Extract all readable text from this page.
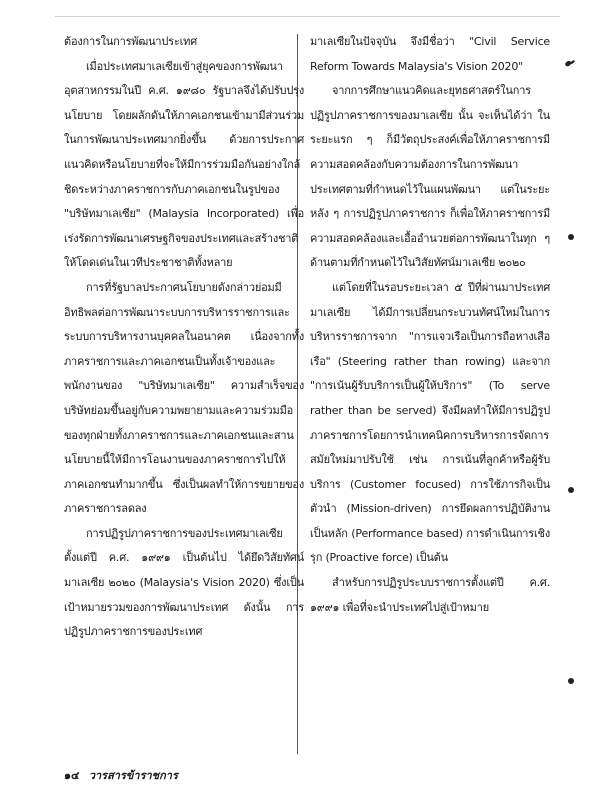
ต้องการในการพัฒนาประเทศ

เมื่อประเทศมาเลเซียเข้าสู่ยุคของการพัฒนาอุตสาหกรรมในปี ค.ศ. ๑๙๘๐ รัฐบาลจึงได้ปรับปรุงนโยบาย โดยผลักดันให้ภาคเอกชนเข้ามามีส่วนร่วมในการพัฒนาประเทศมากยิ่งขึ้น ด้วยการประกาศแนวคิดหรือนโยบายที่จะให้มีการร่วมมือกันอย่างใกล้ชิดระหว่างภาคราชการกับภาคเอกชนในรูปของ "บริษัทมาเลเซีย" (Malaysia Incorporated) เพื่อเร่งรัดการพัฒนาเศรษฐกิจของประเทศและสร้างชาติให้โดดเด่นในเวทีประชาชาติทั้งหลาย

การที่รัฐบาลประกาศนโยบายดังกล่าวย่อมมีอิทธิพลต่อการพัฒนาระบบการบริหารราชการและระบบการบริหารงานบุคคลในอนาคต เนื่องจากทั้งภาคราชการและภาคเอกชนเป็นทั้งเจ้าของและพนักงานของ "บริษัทมาเลเซีย" ความสำเร็จของบริษัทย่อมขึ้นอยู่กับความพยายามและความร่วมมือของทุกฝ่ายทั้งภาคราชการและภาคเอกชนและสานนโยบายนี้ให้มีการโอนงานของภาคราชการไปให้ภาคเอกชนทำมากขึ้น ซึ่งเป็นผลทำให้การขยายของภาคราชการลดลง

การปฏิรูปภาคราชการของประเทศมาเลเซียตั้งแต่ปี ค.ศ. ๑๙๙๑ เป็นต้นไป ได้ยึดวิสัยทัศน์มาเลเซีย ๒๐๒๐ (Malaysia's Vision 2020) ซึ่งเป็นเป้าหมายรวมของการพัฒนาประเทศ ดังนั้น การปฏิรูปภาคราชการของประเทศ

มาเลเซียในปัจจุบัน จึงมีชื่อว่า "Civil Service Reform Towards Malaysia's Vision 2020"

จากการศึกษาแนวคิดและยุทธศาสตร์ในการปฏิรูปภาคราชการของมาเลเซีย นั้น จะเห็นได้ว่า ในระยะแรก ๆ ก็มีวัตถุประสงค์เพื่อให้ภาคราชการมีความสอดคล้องกับความต้องการในการพัฒนาประเทศตามที่กำหนดไว้ในแผนพัฒนา แต่ในระยะหลัง ๆ การปฏิรูปภาคราชการ ก็เพื่อให้ภาคราชการมีความสอดคล้องและเอื้ออำนวยต่อการพัฒนาในทุก ๆ ด้านตามที่กำหนดไว้ในวิสัยทัศน์มาเลเซีย ๒๐๒๐

แต่โดยที่ในรอบระยะเวลา ๕ ปีที่ผ่านมาประเทศมาเลเซีย ได้มีการเปลี่ยนกระบวนทัศน์ใหม่ในการบริหารราชการจาก "การแจวเรือเป็นการถือหางเสือเรือ" (Steering rather than rowing) และจาก "การเน้นผู้รับบริการเป็นผู้ให้บริการ" (To serve rather than be served) จึงมีผลทำให้มีการปฏิรูปภาคราชการโดยการนำเทคนิคการบริหารการจัดการสมัยใหม่มาปรับใช้ เช่น การเน้นที่ลูกค้าหรือผู้รับบริการ (Customer focused) การใช้ภารกิจเป็นตัวนำ (Mission-driven) การยึดผลการปฏิบัติงานเป็นหลัก (Performance based) การดำเนินการเชิงรุก (Proactive force) เป็นต้น

สำหรับการปฏิรูประบบราชการตั้งแต่ปี ค.ศ. ๑๙๙๑ เพื่อที่จะนำประเทศไปสู่เป้าหมาย

๑๔ วารสารข้าราชการ
